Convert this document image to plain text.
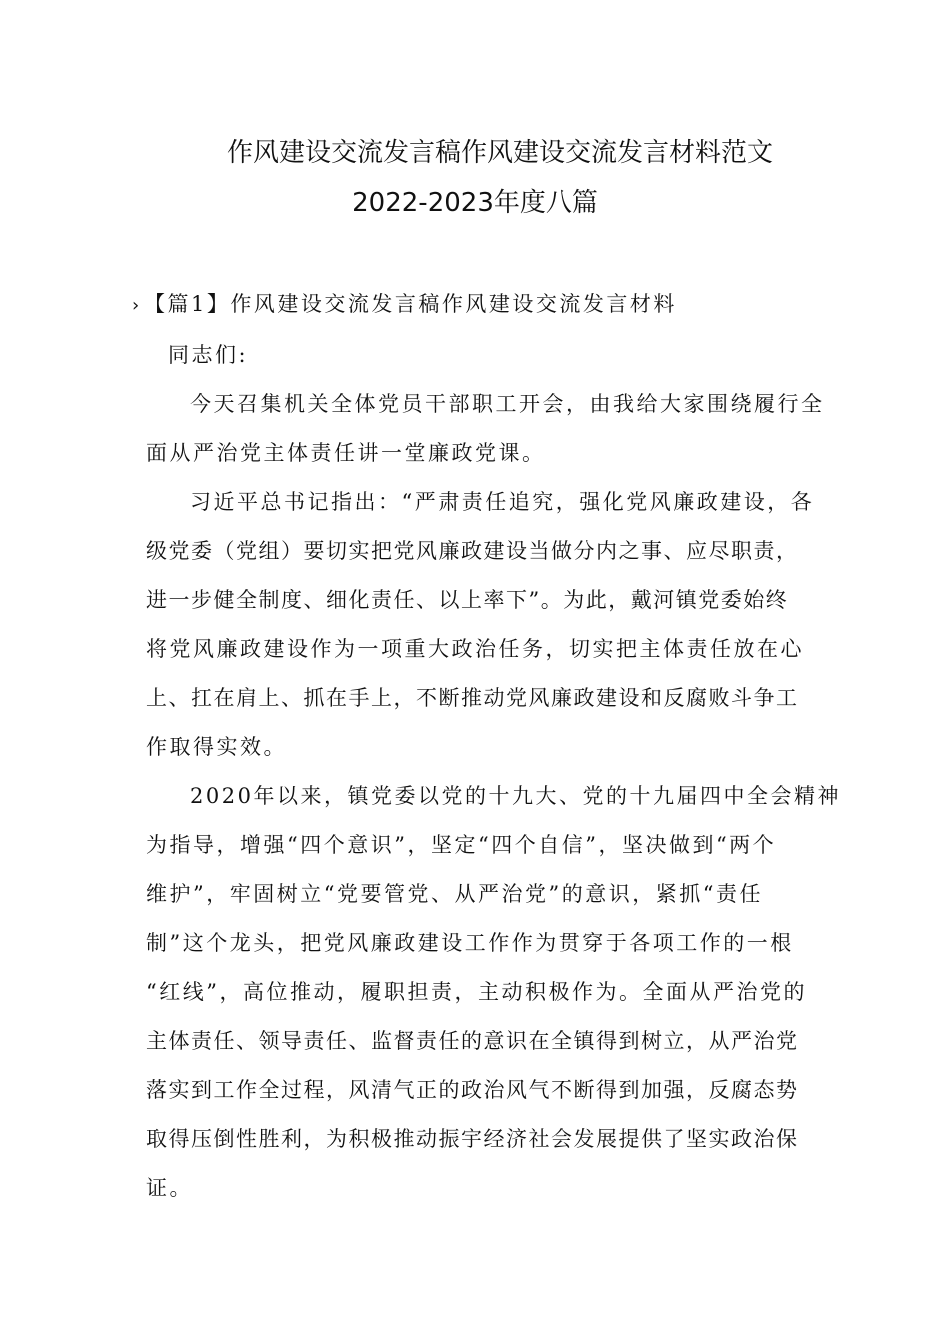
作风建设交流发言稿作风建设交流发言材料范文
2022-2023年度八篇
› 【篇1】作风建设交流发言稿作风建设交流发言材料

同志们:

今天召集机关全体党员干部职工开会，由我给大家围绕履行全
面从严治党主体责任讲一堂廉政党课。

习近平总书记指出：“严肃责任追究，强化党风廉政建设，各
级党委（党组）要切实把党风廉政建设当做分内之事、应尽职责，
进一步健全制度、细化责任、以上率下”。为此，戴河镇党委始终
将党风廉政建设作为一项重大政治任务，切实把主体责任放在心
上、扛在肩上、抓在手上，不断推动党风廉政建设和反腐败斗争工
作取得实效。

2020年以来，镇党委以党的十九大、党的十九届四中全会精神
为指导，增强“四个意识”，坚定“四个自信”，坚决做到“两个
维护”，牢固树立“党要管党、从严治党”的意识，紧抓“责任
制”这个龙头，把党风廉政建设工作作为贯穿于各项工作的一根
“红线”，高位推动，履职担责，主动积极作为。全面从严治党的
主体责任、领导责任、监督责任的意识在全镇得到树立，从严治党
落实到工作全过程，风清气正的政治风气不断得到加强，反腐态势
取得压倒性胜利，为积极推动振宇经济社会发展提供了坚实政治保
证。
